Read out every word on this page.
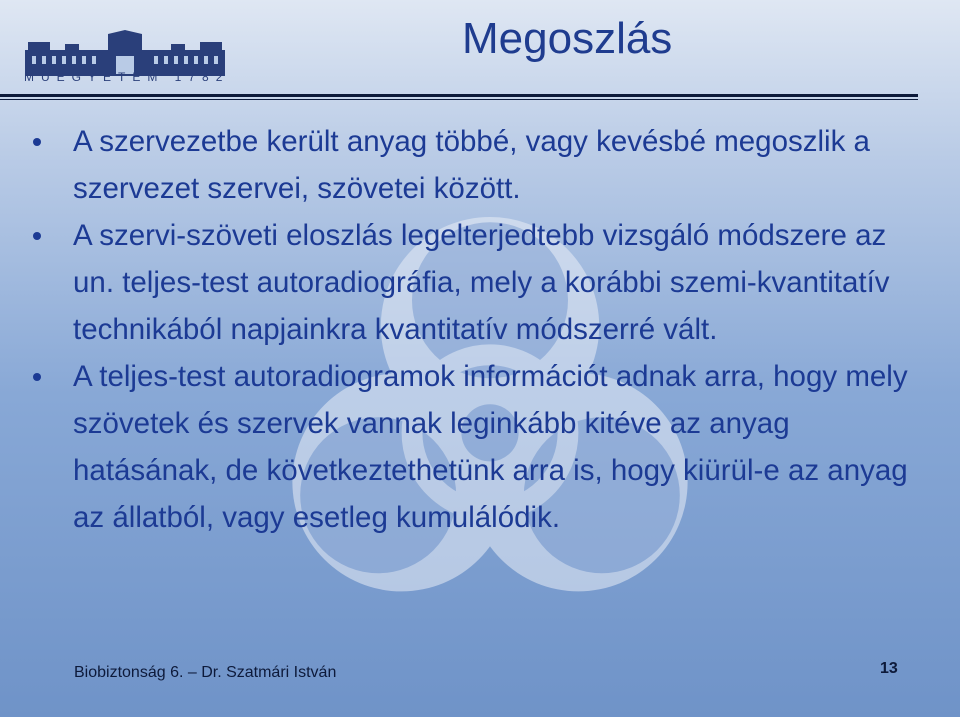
MŰEGYETEM 1782
Megoszlás
A szervezetbe került anyag többé, vagy kevésbé megoszlik a szervezet szervei, szövetei között.
A szervi-szöveti eloszlás legelterjedtebb vizsgáló módszere az un. teljes-test autoradiográfia, mely a korábbi szemi-kvantitatív technikából napjainkra kvantitatív módszerré vált.
A teljes-test autoradiogramok információt adnak arra, hogy mely szövetek és szervek vannak leginkább kitéve az anyag hatásának, de következtethetünk arra is, hogy kiürül-e az anyag az állatból, vagy esetleg kumulálódik.
Biobiztonság 6. – Dr. Szatmári István	13
